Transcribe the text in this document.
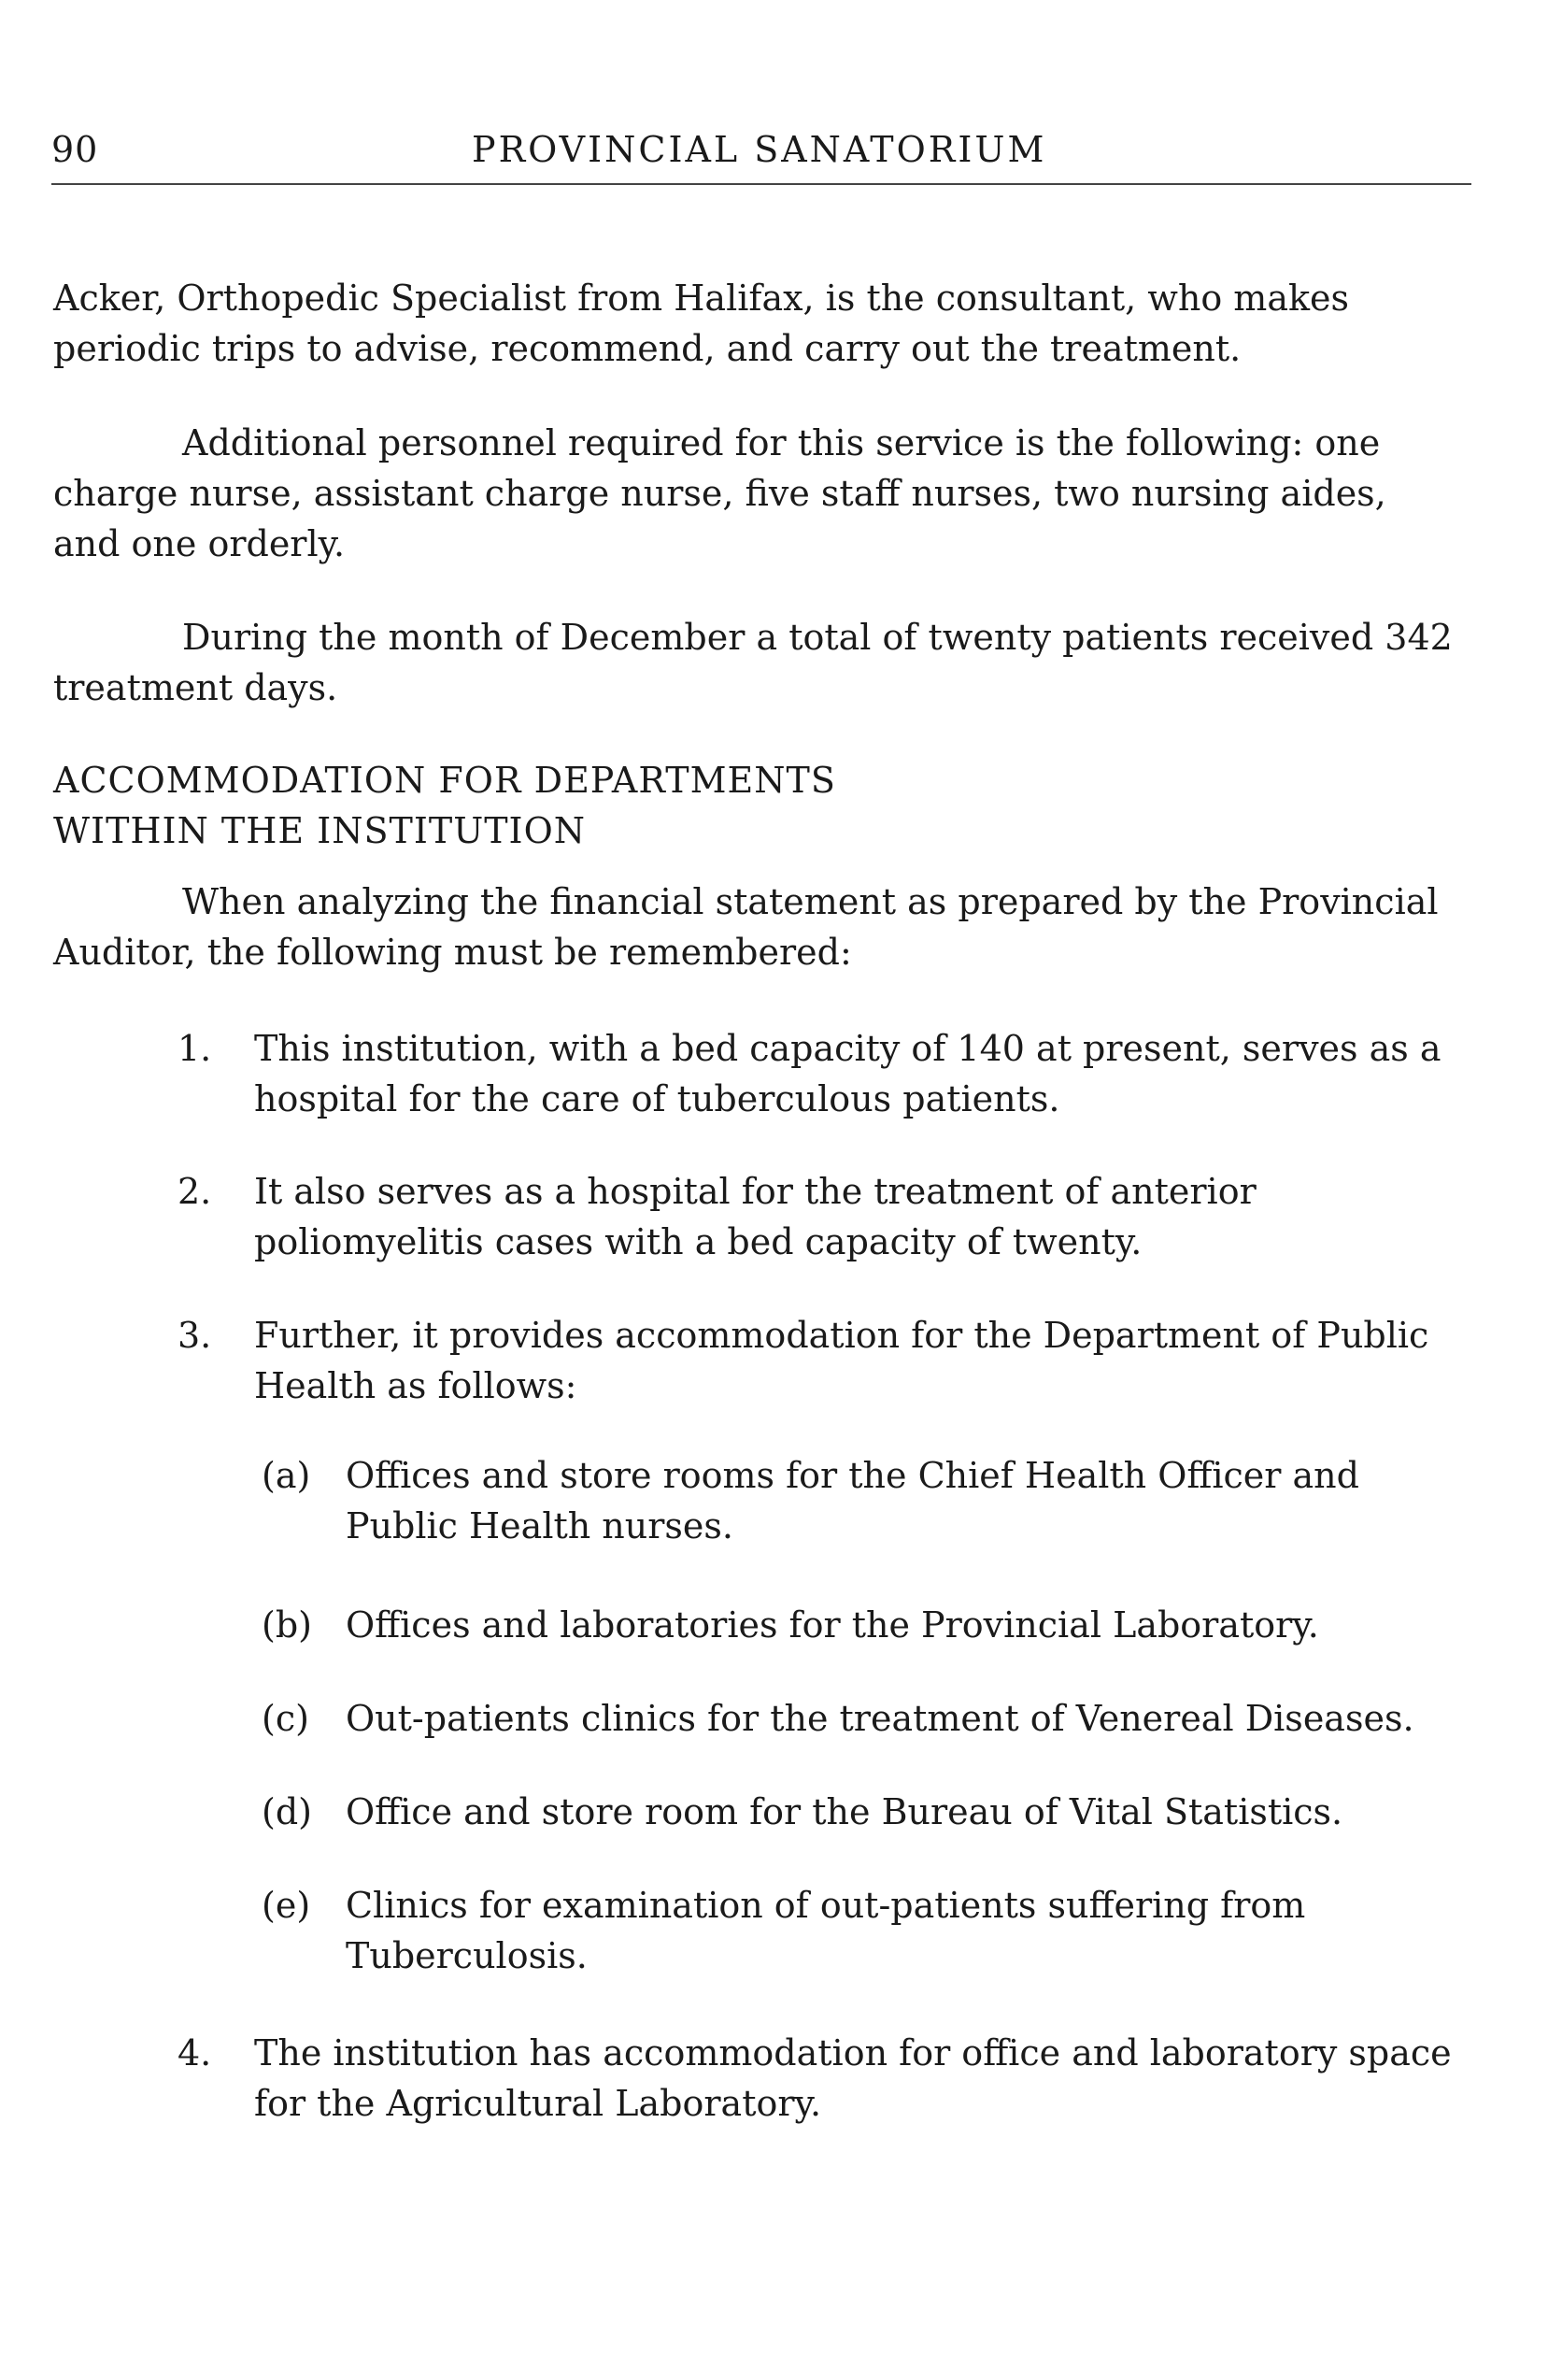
90	PROVINCIAL SANATORIUM

Acker, Orthopedic Specialist from Halifax, is the consultant, who makes periodic trips to advise, recommend, and carry out the treatment.

Additional personnel required for this service is the following: one charge nurse, assistant charge nurse, five staff nurses, two nursing aides, and one orderly.

During the month of December a total of twenty patients received 342 treatment days.

ACCOMMODATION FOR DEPARTMENTS
WITHIN THE INSTITUTION

When analyzing the financial statement as prepared by the Provincial Auditor, the following must be remembered:

1. This institution, with a bed capacity of 140 at present, serves as a hospital for the care of tuberculous patients.
2. It also serves as a hospital for the treatment of anterior poliomyelitis cases with a bed capacity of twenty.
3. Further, it provides accommodation for the Department of Public Health as follows:
(a) Offices and store rooms for the Chief Health Officer and Public Health nurses.
(b) Offices and laboratories for the Provincial Laboratory.
(c) Out-patients clinics for the treatment of Venereal Diseases.
(d) Office and store room for the Bureau of Vital Statistics.
(e) Clinics for examination of out-patients suffering from Tuberculosis.
4. The institution has accommodation for office and laboratory space for the Agricultural Laboratory.
